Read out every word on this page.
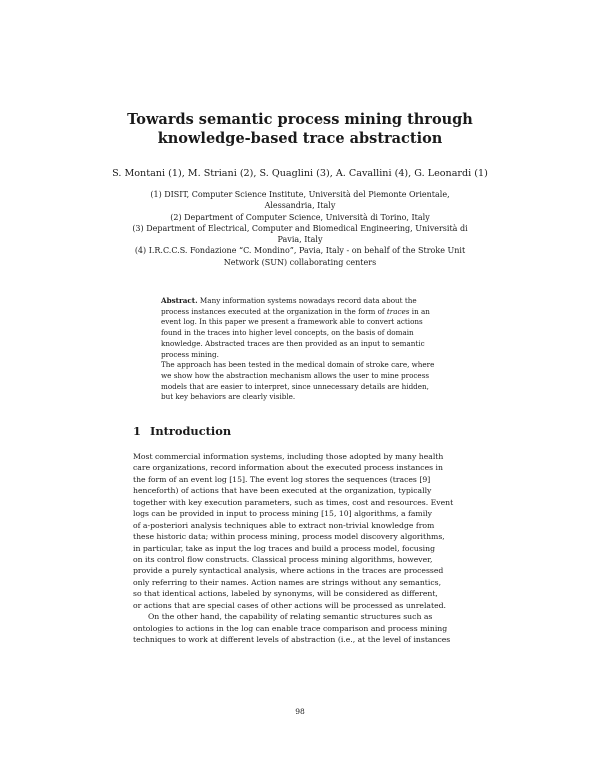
Towards semantic process mining through
knowledge-based trace abstraction
S. Montani (1), M. Striani (2), S. Quaglini (3), A. Cavallini (4), G. Leonardi (1)
(1) DISIT, Computer Science Institute, Università del Piemonte Orientale,
Alessandria, Italy
(2) Department of Computer Science, Università di Torino, Italy
(3) Department of Electrical, Computer and Biomedical Engineering, Università di
Pavia, Italy
(4) I.R.C.C.S. Fondazione “C. Mondino”, Pavia, Italy - on behalf of the Stroke Unit
Network (SUN) collaborating centers

Abstract. Many information systems nowadays record data about the process instances executed at the organization in the form of traces in an event log. In this paper we present a framework able to convert actions found in the traces into higher level concepts, on the basis of domain knowledge. Abstracted traces are then provided as an input to semantic process mining.

The approach has been tested in the medical domain of stroke care, where we show how the abstraction mechanism allows the user to mine process models that are easier to interpret, since unnecessary details are hidden, but key behaviors are clearly visible.

1 Introduction
Most commercial information systems, including those adopted by many health
care organizations, record information about the executed process instances in
the form of an event log [15]. The event log stores the sequences (traces [9]
henceforth) of actions that have been executed at the organization, typically
together with key execution parameters, such as times, cost and resources. Event
logs can be provided in input to process mining [15, 10] algorithms, a family
of a-posteriori analysis techniques able to extract non-trivial knowledge from
these historic data; within process mining, process model discovery algorithms,
in particular, take as input the log traces and build a process model, focusing
on its control flow constructs. Classical process mining algorithms, however,
provide a purely syntactical analysis, where actions in the traces are processed
only referring to their names. Action names are strings without any semantics,
so that identical actions, labeled by synonyms, will be considered as different,
or actions that are special cases of other actions will be processed as unrelated.
On the other hand, the capability of relating semantic structures such as
ontologies to actions in the log can enable trace comparison and process mining
techniques to work at different levels of abstraction (i.e., at the level of instances
98
